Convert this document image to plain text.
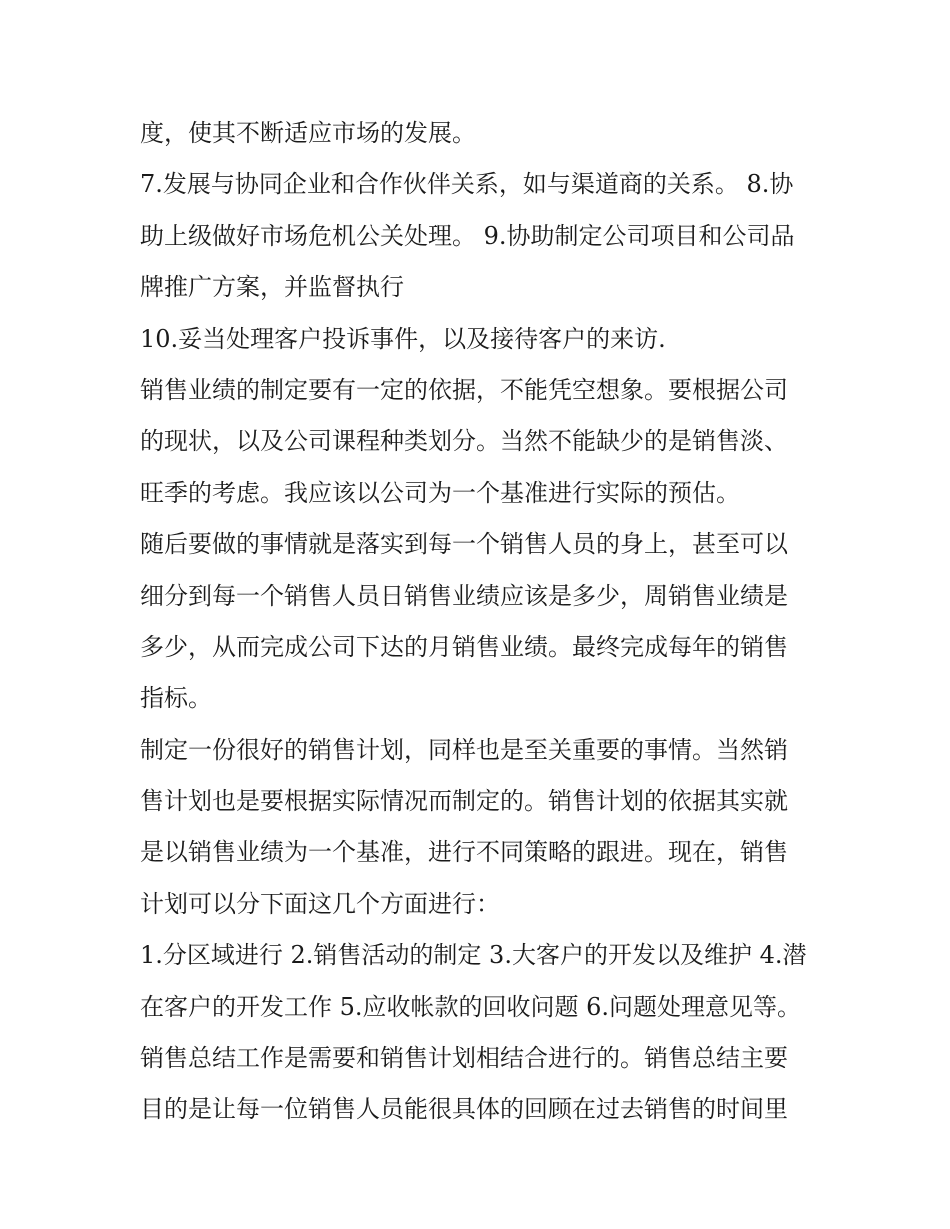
度，使其不断适应市场的发展。
7.发展与协同企业和合作伙伴关系，如与渠道商的关系。 8.协
助上级做好市场危机公关处理。 9.协助制定公司项目和公司品
牌推广方案，并监督执行
10.妥当处理客户投诉事件，以及接待客户的来访.
销售业绩的制定要有一定的依据，不能凭空想象。要根据公司
的现状，以及公司课程种类划分。当然不能缺少的是销售淡、
旺季的考虑。我应该以公司为一个基准进行实际的预估。
随后要做的事情就是落实到每一个销售人员的身上，甚至可以
细分到每一个销售人员日销售业绩应该是多少，周销售业绩是
多少，从而完成公司下达的月销售业绩。最终完成每年的销售
指标。
制定一份很好的销售计划，同样也是至关重要的事情。当然销
售计划也是要根据实际情况而制定的。销售计划的依据其实就
是以销售业绩为一个基准，进行不同策略的跟进。现在，销售
计划可以分下面这几个方面进行：
1.分区域进行 2.销售活动的制定 3.大客户的开发以及维护 4.潜
在客户的开发工作 5.应收帐款的回收问题 6.问题处理意见等。
销售总结工作是需要和销售计划相结合进行的。销售总结主要
目的是让每一位销售人员能很具体的回顾在过去销售的时间里
